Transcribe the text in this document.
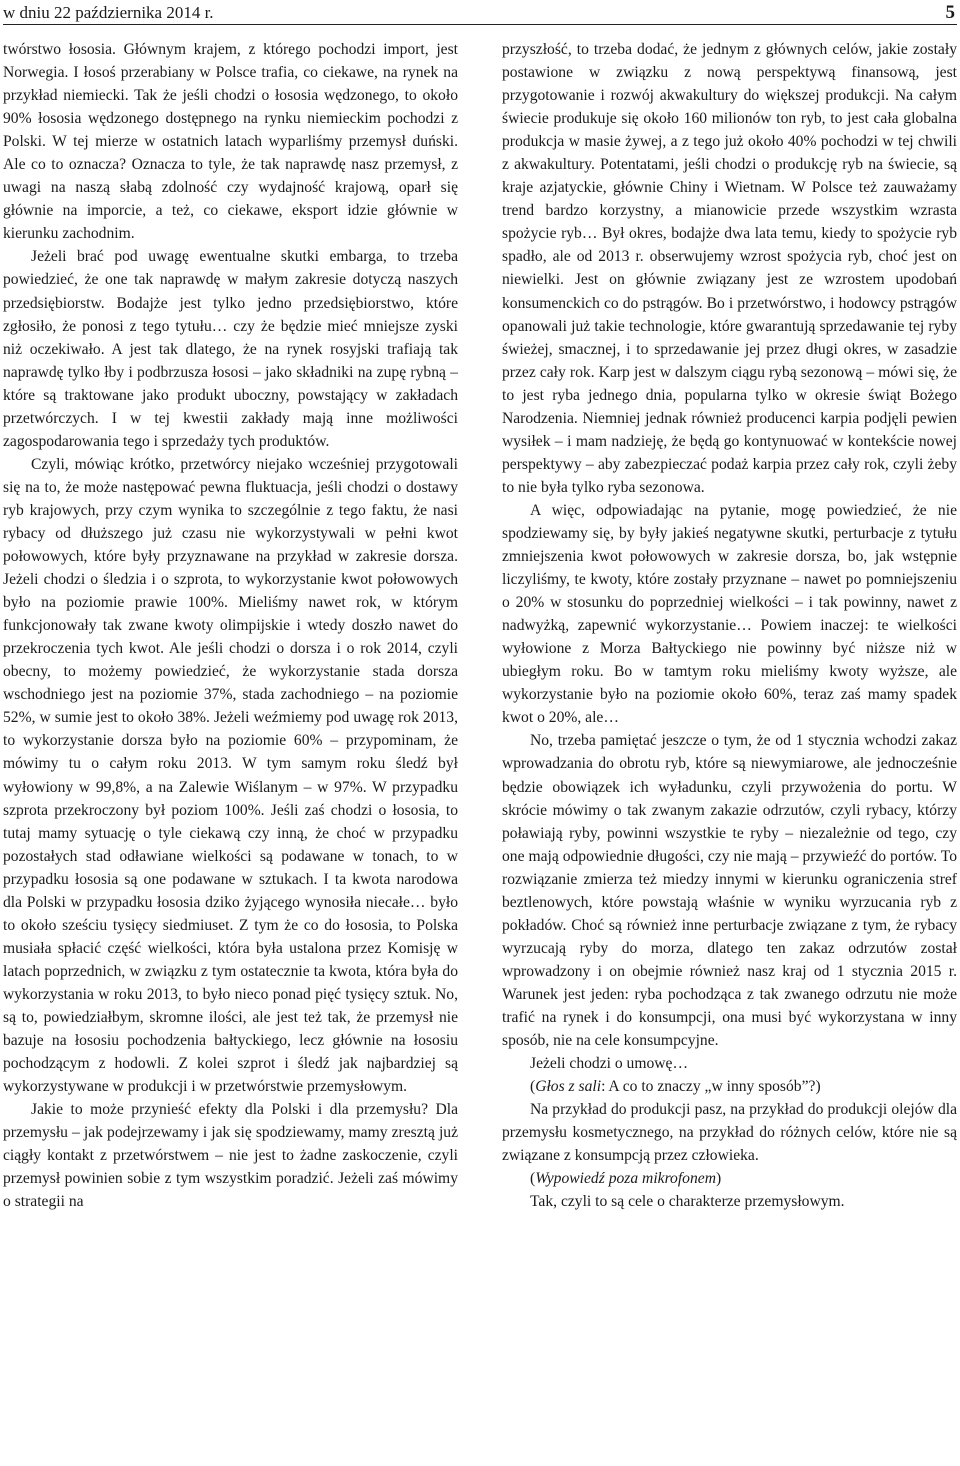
w dniu 22 października 2014 r.	5

twórstwo łososia. Głównym krajem, z którego pochodzi import, jest Norwegia. I łosoś przerabiany w Polsce trafia, co ciekawe, na rynek na przykład niemiecki. Tak że jeśli chodzi o łososia wędzonego, to około 90% łososia wędzonego dostępnego na rynku niemieckim pochodzi z Polski. W tej mierze w ostatnich latach wyparliśmy przemysł duński. Ale co to oznacza? Oznacza to tyle, że tak naprawdę nasz przemysł, z uwagi na naszą słabą zdolność czy wydajność krajową, oparł się głównie na imporcie, a też, co ciekawe, eksport idzie głównie w kierunku zachodnim.

Jeżeli brać pod uwagę ewentualne skutki embarga, to trzeba powiedzieć, że one tak naprawdę w małym zakresie dotyczą naszych przedsiębiorstw. Bodajże jest tylko jedno przedsiębiorstwo, które zgłosiło, że ponosi z tego tytułu… czy że będzie mieć mniejsze zyski niż oczekiwało. A jest tak dlatego, że na rynek rosyjski trafiają tak naprawdę tylko łby i podbrzusza łososi – jako składniki na zupę rybną – które są traktowane jako produkt uboczny, powstający w zakładach przetwórczych. I w tej kwestii zakłady mają inne możliwości zagospodarowania tego i sprzedaży tych produktów.

Czyli, mówiąc krótko, przetwórcy niejako wcześniej przygotowali się na to, że może następować pewna fluktuacja, jeśli chodzi o dostawy ryb krajowych, przy czym wynika to szczególnie z tego faktu, że nasi rybacy od dłuższego już czasu nie wykorzystywali w pełni kwot połowowych, które były przyznawane na przykład w zakresie dorsza. Jeżeli chodzi o śledzia i o szprota, to wykorzystanie kwot połowowych było na poziomie prawie 100%. Mieliśmy nawet rok, w którym funkcjonowały tak zwane kwoty olimpijskie i wtedy doszło nawet do przekroczenia tych kwot. Ale jeśli chodzi o dorsza i o rok 2014, czyli obecny, to możemy powiedzieć, że wykorzystanie stada dorsza wschodniego jest na poziomie 37%, stada zachodniego – na poziomie 52%, w sumie jest to około 38%. Jeżeli weźmiemy pod uwagę rok 2013, to wykorzystanie dorsza było na poziomie 60% – przypominam, że mówimy tu o całym roku 2013. W tym samym roku śledź był wyłowiony w 99,8%, a na Zalewie Wiślanym – w 97%. W przypadku szprota przekroczony był poziom 100%. Jeśli zaś chodzi o łososia, to tutaj mamy sytuację o tyle ciekawą czy inną, że choć w przypadku pozostałych stad odławiane wielkości są podawane w tonach, to w przypadku łososia są one podawane w sztukach. I ta kwota narodowa dla Polski w przypadku łososia dziko żyjącego wynosiła niecałe… było to około sześciu tysięcy siedmiuset. Z tym że co do łososia, to Polska musiała spłacić część wielkości, która była ustalona przez Komisję w latach poprzednich, w związku z tym ostatecznie ta kwota, która była do wykorzystania w roku 2013, to było nieco ponad pięć tysięcy sztuk. No, są to, powiedziałbym, skromne ilości, ale jest też tak, że przemysł nie bazuje na łososiu pochodzenia bałtyckiego, lecz głównie na łososiu pochodzącym z hodowli. Z kolei szprot i śledź jak najbardziej są wykorzystywane w produkcji i w przetwórstwie przemysłowym.

Jakie to może przynieść efekty dla Polski i dla przemysłu? Dla przemysłu – jak podejrzewamy i jak się spodziewamy, mamy zresztą już ciągły kontakt z przetwórstwem – nie jest to żadne zaskoczenie, czyli przemysł powinien sobie z tym wszystkim poradzić. Jeżeli zaś mówimy o strategii na

przyszłość, to trzeba dodać, że jednym z głównych celów, jakie zostały postawione w związku z nową perspektywą finansową, jest przygotowanie i rozwój akwakultury do większej produkcji. Na całym świecie produkuje się około 160 milionów ton ryb, to jest cała globalna produkcja w masie żywej, a z tego już około 40% pochodzi w tej chwili z akwakultury. Potentatami, jeśli chodzi o produkcję ryb na świecie, są kraje azjatyckie, głównie Chiny i Wietnam. W Polsce też zauważamy trend bardzo korzystny, a mianowicie przede wszystkim wzrasta spożycie ryb… Był okres, bodajże dwa lata temu, kiedy to spożycie ryb spadło, ale od 2013 r. obserwujemy wzrost spożycia ryb, choć jest on niewielki. Jest on głównie związany jest ze wzrostem upodobań konsumenckich co do pstrągów. Bo i przetwórstwo, i hodowcy pstrągów opanowali już takie technologie, które gwarantują sprzedawanie tej ryby świeżej, smacznej, i to sprzedawanie jej przez długi okres, w zasadzie przez cały rok. Karp jest w dalszym ciągu rybą sezonową – mówi się, że to jest ryba jednego dnia, popularna tylko w okresie świąt Bożego Narodzenia. Niemniej jednak również producenci karpia podjęli pewien wysiłek – i mam nadzieję, że będą go kontynuować w kontekście nowej perspektywy – aby zabezpieczać podaż karpia przez cały rok, czyli żeby to nie była tylko ryba sezonowa.

A więc, odpowiadając na pytanie, mogę powiedzieć, że nie spodziewamy się, by były jakieś negatywne skutki, perturbacje z tytułu zmniejszenia kwot połowowych w zakresie dorsza, bo, jak wstępnie liczyliśmy, te kwoty, które zostały przyznane – nawet po pomniejszeniu o 20% w stosunku do poprzedniej wielkości – i tak powinny, nawet z nadwyżką, zapewnić wykorzystanie… Powiem inaczej: te wielkości wyłowione z Morza Bałtyckiego nie powinny być niższe niż w ubiegłym roku. Bo w tamtym roku mieliśmy kwoty wyższe, ale wykorzystanie było na poziomie około 60%, teraz zaś mamy spadek kwot o 20%, ale…

No, trzeba pamiętać jeszcze o tym, że od 1 stycznia wchodzi zakaz wprowadzania do obrotu ryb, które są niewymiarowe, ale jednocześnie będzie obowiązek ich wyładunku, czyli przywożenia do portu. W skrócie mówimy o tak zwanym zakazie odrzutów, czyli rybacy, którzy poławiają ryby, powinni wszystkie te ryby – niezależnie od tego, czy one mają odpowiednie długości, czy nie mają – przywieźć do portów. To rozwiązanie zmierza też miedzy innymi w kierunku ograniczenia stref beztlenowych, które powstają właśnie w wyniku wyrzucania ryb z pokładów. Choć są również inne perturbacje związane z tym, że rybacy wyrzucają ryby do morza, dlatego ten zakaz odrzutów został wprowadzony i on obejmie również nasz kraj od 1 stycznia 2015 r. Warunek jest jeden: ryba pochodząca z tak zwanego odrzutu nie może trafić na rynek i do konsumpcji, ona musi być wykorzystana w inny sposób, nie na cele konsumpcyjne.

Jeżeli chodzi o umowę…

(Głos z sali: A co to znaczy „w inny sposób”?)

Na przykład do produkcji pasz, na przykład do produkcji olejów dla przemysłu kosmetycznego, na przykład do różnych celów, które nie są związane z konsumpcją przez człowieka.

(Wypowiedź poza mikrofonem)

Tak, czyli to są cele o charakterze przemysłowym.
